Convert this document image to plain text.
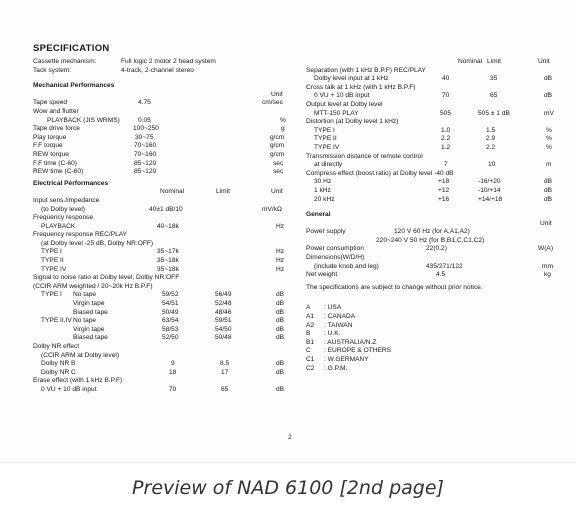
SPECIFICATION
Cassette mechanism:	Full logic 2 motor 2 head system
Tack system:	4-track, 2-channel stereo
Mechanical Performances
Unit
Tape speed	4.75	cm/sec
Wow and flutter
PLAYBACK (JIS WRMS)	0.05	%
Tape drive force	100~250	g
Play torque	30~75	g/cm
F.F torque	70~160	g/cm
REW torque	70~160	g/cm
F.F time (C-60)	85~120	sec
REW time (C-60)	85~120	sec
Electrical Performances
Nominal	Limit	Unit
Input sens./impedance
(to Dolby level)	40±1 dB/10	mV/kΩ
Frequency response
PLAYBACK	40~18k	Hz
Frequency response REC/PLAY
(at Dolby level -25 dB, Dolby NR:OFF)
TYPE I	35~17k	Hz
TYPE II	35~18k	Hz
TYPE IV	35~18k	Hz
Signal to noise ratio at Dolby level, Dolby NR:OFF
(CCIR ARM weighted / 20~20k Hz B.P.F)
TYPE I No tape	59/52	56/49	dB
Virgin tape	54/51	52/48	dB
Biased tape	50/49	48/46	dB
TYPE II,IV No tape	63/54	59/51	dB
Virgin tape	58/53	54/50	dB
Biased tape	52/50	50/48	dB
Dolby NR effect
(CCIR ARM at Dolby level)
Dolby NR B	9	8.5	dB
Dolby NR C	18	17	dB
Erase effect (with 1 kHz B.P.F)
0 VU + 10 dB input	70	65	dB
Nominal Limit	Unit
Separation (with 1 kHz B.P.F) REC/PLAY
Dolby level input at 1 kHz	40	35	dB
Cross talk at 1 kHz (with 1 kHz B.P.F)
0 VU + 10 dB input	70	65	dB
Output level at Dolby level
MTT-150 PLAY	505	505 ± 1 dB	mV
Distortion (at Dolby level 1 kHz)
TYPE I	1.0	1.5	%
TYPE II	2.2	2.9	%
TYPE IV	1.2	2.2	%
Transmission distance of remote control
at directly	7	10	m
Compress effect (boost ratio) at Dolby level -40 dB
30 Hz	+18	-16/+20	dB
1 kHz	+12	-10/+14	dB
20 kHz	+16	+14/+18	dB
General
Unit
Power supply	120 V 60 Hz (for A,A1,A2)
220~240 V 50 Hz (for B,B1,C,C1,C2)
Power consumption	22(0.2)	W(A)
Dimensions(W/D/H)
(include knob and leg)	435/271/122	mm
Net weight	4.5	kg
The specifications are subject to change without prior notice.
A : USA
A1 : CANADA
A2 : TAIWAN
B : U.K.
B1 : AUSTRALIA/N.Z
C : EUROPE & OTHERS
C1 : W.GERMANY
C2 : G.P.M.
2
Preview of NAD 6100 [2nd page]
